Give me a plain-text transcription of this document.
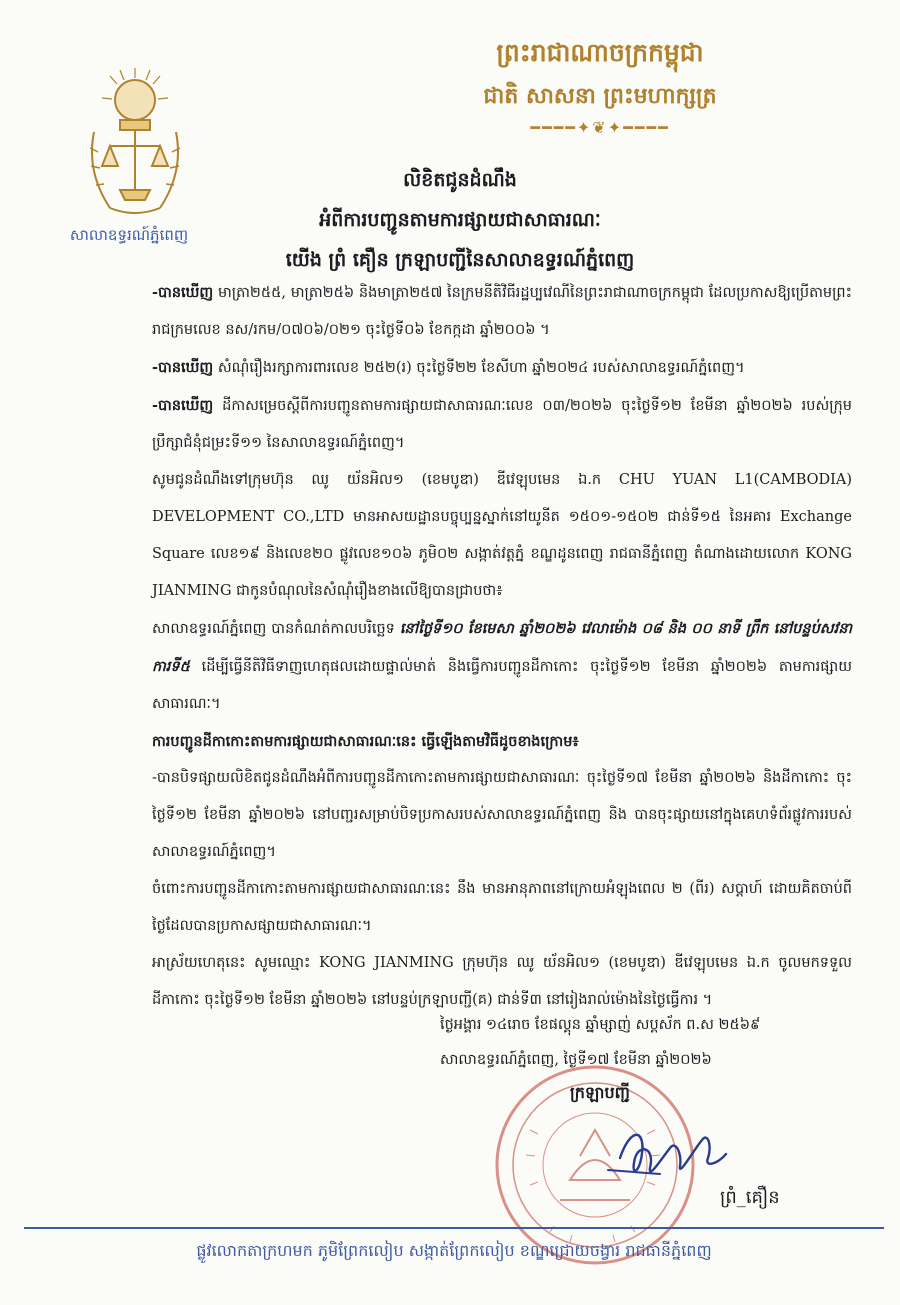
ព្រះរាជាណាចក្រកម្ពុជា
ជាតិ សាសនា ព្រះមហាក្សត្រ
━━━━✦❦✦━━━━
សាលាឧទ្ធរណ៍ភ្នំពេញ
លិខិតជូនដំណឹង
អំពីការបញ្ជូនតាមការផ្សាយជាសាធារណៈ
យើង ព្រំ គឿន ក្រឡាបញ្ជីនៃសាលាឧទ្ធរណ៍ភ្នំពេញ

-បានឃើញ មាត្រា២៥៥, មាត្រា២៥៦ និងមាត្រា២៥៧ នៃក្រមនីតិវិធីរដ្ឋប្បវេណីនៃព្រះរាជាណាចក្រកម្ពុជា ដែលប្រកាសឱ្យប្រើតាមព្រះរាជក្រមលេខ នស/រកម/០៧០៦/០២១ ចុះថ្ងៃទី០៦ ខែកក្កដា ឆ្នាំ២០០៦ ។

-បានឃើញ សំណុំរឿងរក្សាការពារលេខ ២៥២(រ) ចុះថ្ងៃទី២២ ខែសីហា ឆ្នាំ២០២៤ របស់សាលាឧទ្ធរណ៍ភ្នំពេញ។

-បានឃើញ ដីកាសម្រេចស្តីពីការបញ្ជូនតាមការផ្សាយជាសាធារណៈលេខ ០៣/២០២៦ ចុះថ្ងៃទី១២ ខែមីនា ឆ្នាំ២០២៦ របស់ក្រុមប្រឹក្សាជំនុំជម្រះទី១១ នៃសាលាឧទ្ធរណ៍ភ្នំពេញ។

សូមជូនដំណឹងទៅក្រុមហ៊ុន ឈូ យ័នអិល១ (ខេមបូឌា) ឌីវេឡុបមេន ឯ.ក CHU YUAN L1(CAMBODIA) DEVELOPMENT CO.,LTD មានអាសយដ្ឋានបច្ចុប្បន្នស្នាក់នៅយូនីត ១៥០១-១៥០២ ជាន់ទី១៥ នៃអគារ Exchange Square លេខ១៩ និងលេខ២០ ផ្លូវលេខ១០៦ ភូមិ០២ សង្កាត់វត្តភ្នំ ខណ្ឌដូនពេញ រាជធានីភ្នំពេញ តំណាងដោយលោក KONG JIANMING ជាកូនបំណុលនៃសំណុំរឿងខាងលើឱ្យបានជ្រាបថា៖

សាលាឧទ្ធរណ៍ភ្នំពេញ បានកំណត់កាលបរិច្ឆេទ នៅថ្ងៃទី១០ ខែមេសា ឆ្នាំ២០២៦ វេលាម៉ោង ០៨ និង ០០ នាទី ព្រឹក នៅបន្ទប់សវនាការទី៥ ដើម្បីធ្វើនីតិវិធីទាញហេតុផលដោយផ្ទាល់មាត់ និងធ្វើការបញ្ជូនដីកាកោះ ចុះថ្ងៃទី១២ ខែមីនា ឆ្នាំ២០២៦ តាមការផ្សាយសាធារណៈ។

ការបញ្ជូនដីកាកោះតាមការផ្សាយជាសាធារណៈនេះ ធ្វើឡើងតាមវិធីដូចខាងក្រោម៖

-បានបិទផ្សាយលិខិតជូនដំណឹងអំពីការបញ្ជូនដីកាកោះតាមការផ្សាយជាសាធារណៈ ចុះថ្ងៃទី១៧ ខែមីនា ឆ្នាំ២០២៦ និងដីកាកោះ ចុះថ្ងៃទី១២ ខែមីនា ឆ្នាំ២០២៦ នៅបញ្ជរសម្រាប់បិទប្រកាសរបស់សាលាឧទ្ធរណ៍ភ្នំពេញ និង បានចុះផ្សាយនៅក្នុងគេហទំព័រផ្លូវការរបស់សាលាឧទ្ធរណ៍ភ្នំពេញ។

ចំពោះការបញ្ជូនដីកាកោះតាមការផ្សាយជាសាធារណៈនេះ នឹង មានអានុភាពនៅក្រោយអំឡុងពេល ២ (ពីរ) សប្តាហ៍ ដោយគិតចាប់ពីថ្ងៃដែលបានប្រកាសផ្សាយជាសាធារណៈ។

អាស្រ័យហេតុនេះ សូមឈ្មោះ KONG JIANMING ក្រុមហ៊ុន ឈូ យ័នអិល១ (ខេមបូឌា) ឌីវេឡុបមេន ឯ.ក ចូលមកទទួលដីកាកោះ ចុះថ្ងៃទី១២ ខែមីនា ឆ្នាំ២០២៦ នៅបន្ទប់ក្រឡាបញ្ជី(គ) ជាន់ទី៣ នៅរៀងរាល់ម៉ោងនៃថ្ងៃធ្វើការ ។

ថ្ងៃអង្គារ ១៤រោច ខែផល្គុន ឆ្នាំម្សាញ់ សប្តស័ក ព.ស ២៥៦៩
សាលាឧទ្ធរណ៍ភ្នំពេញ, ថ្ងៃទី១៧ ខែមីនា ឆ្នាំ២០២៦
ក្រឡាបញ្ជី
ព្រំ_គឿន
ផ្លូវលោកតាក្រហមក ភូមិព្រែកលៀប សង្កាត់ព្រែកលៀប ខណ្ឌជ្រោយចង្វារ រាជធានីភ្នំពេញ
